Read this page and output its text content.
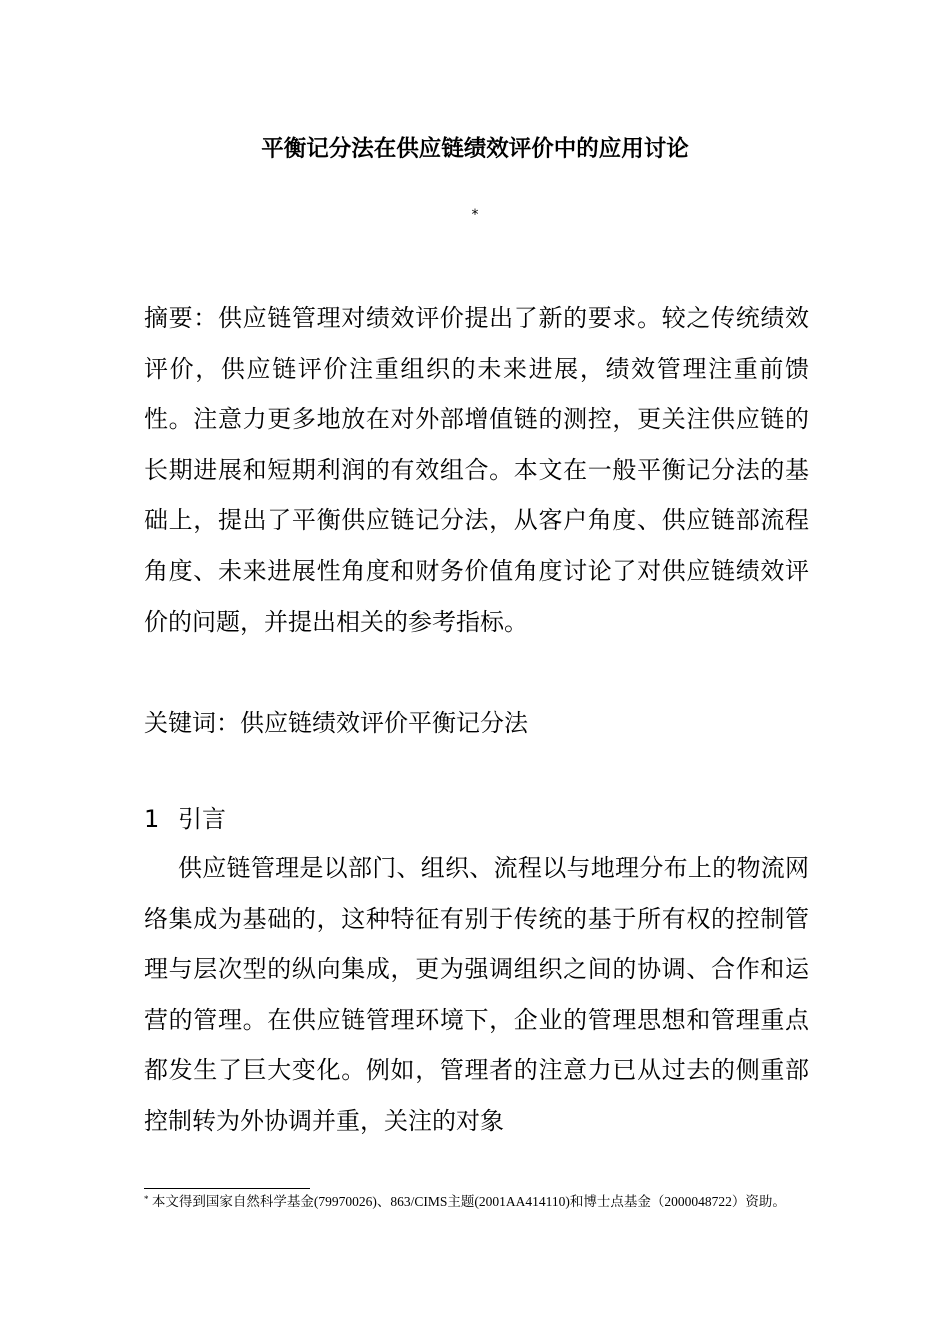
平衡记分法在供应链绩效评价中的应用讨论
*

摘要：供应链管理对绩效评价提出了新的要求。较之传统绩效评价，供应链评价注重组织的未来进展，绩效管理注重前馈性。注意力更多地放在对外部增值链的测控，更关注供应链的长期进展和短期利润的有效组合。本文在一般平衡记分法的基础上，提出了平衡供应链记分法，从客户角度、供应链部流程角度、未来进展性角度和财务价值角度讨论了对供应链绩效评价的问题，并提出相关的参考指标。

关键词：供应链绩效评价平衡记分法

1 引言

供应链管理是以部门、组织、流程以与地理分布上的物流网络集成为基础的，这种特征有别于传统的基于所有权的控制管理与层次型的纵向集成，更为强调组织之间的协调、合作和运营的管理。在供应链管理环境下，企业的管理思想和管理重点都发生了巨大变化。例如，管理者的注意力已从过去的侧重部控制转为外协调并重，关注的对象

* 本文得到国家自然科学基金(79970026)、863/CIMS主题(2001AA414110)和博士点基金（2000048722）资助。
